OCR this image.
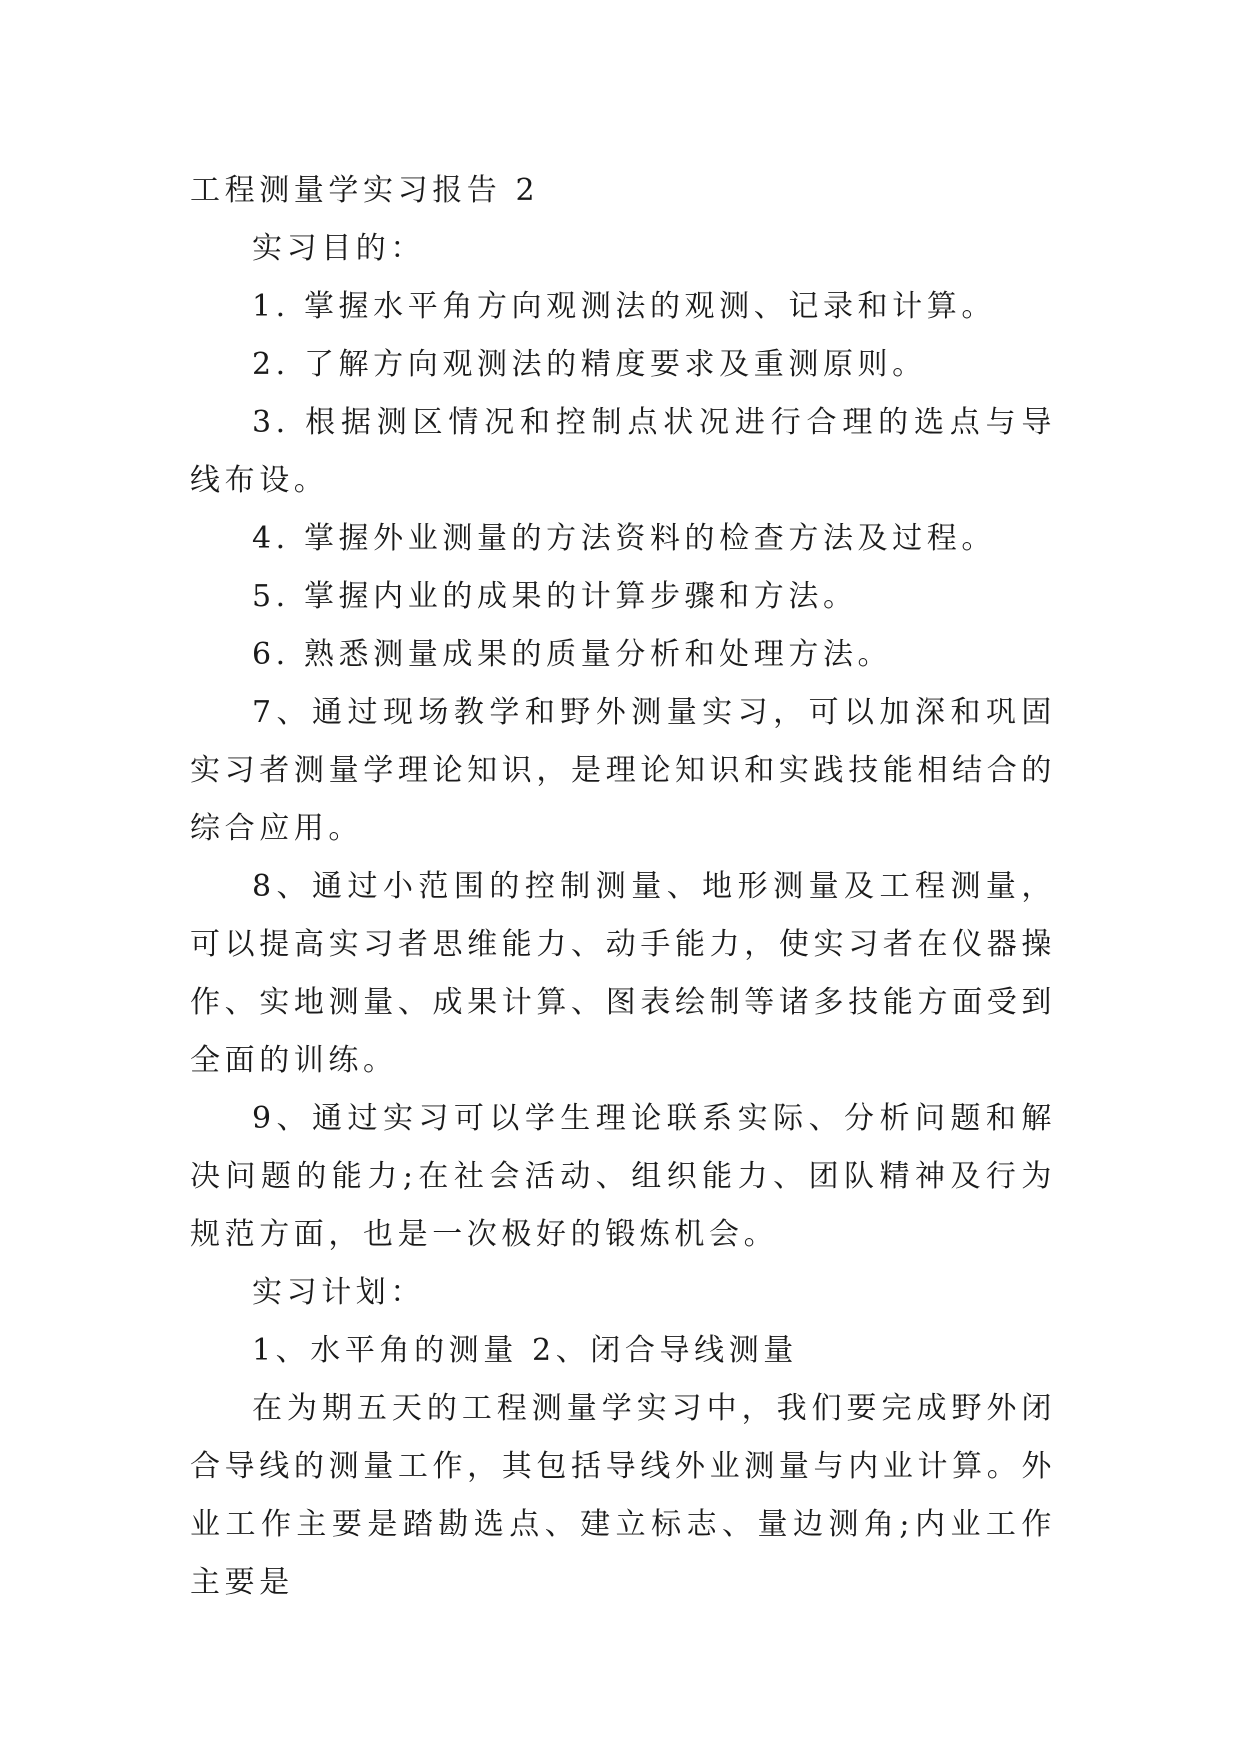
工程测量学实习报告 2

实习目的：

1. 掌握水平角方向观测法的观测、记录和计算。

2. 了解方向观测法的精度要求及重测原则。

3. 根据测区情况和控制点状况进行合理的选点与导线布设。

4. 掌握外业测量的方法资料的检查方法及过程。

5. 掌握内业的成果的计算步骤和方法。

6. 熟悉测量成果的质量分析和处理方法。

7、通过现场教学和野外测量实习，可以加深和巩固实习者测量学理论知识，是理论知识和实践技能相结合的综合应用。

8、通过小范围的控制测量、地形测量及工程测量，可以提高实习者思维能力、动手能力，使实习者在仪器操作、实地测量、成果计算、图表绘制等诸多技能方面受到全面的训练。

9、通过实习可以学生理论联系实际、分析问题和解决问题的能力;在社会活动、组织能力、团队精神及行为规范方面，也是一次极好的锻炼机会。

实习计划：

1、水平角的测量 2、闭合导线测量

在为期五天的工程测量学实习中，我们要完成野外闭合导线的测量工作，其包括导线外业测量与内业计算。外业工作主要是踏勘选点、建立标志、量边测角;内业工作主要是
